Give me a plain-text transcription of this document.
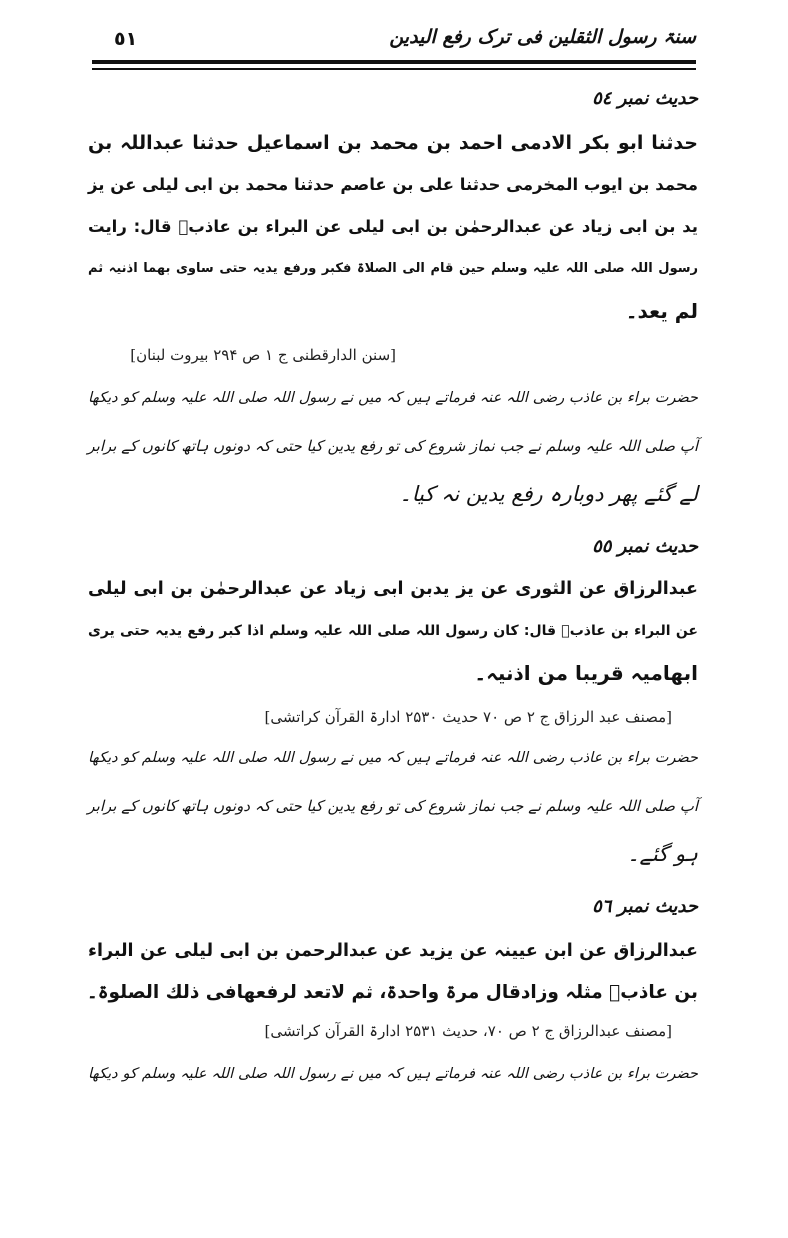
٥١	سنۃ رسول الثقلین فی ترک رفع الیدین
حدیث نمبر ٥٤
حدثنا ابو بکر الادمی احمد بن محمد بن اسماعیل حدثنا عبداللہ بن
محمد بن ایوب المخرمی حدثنا علی بن عاصم حدثنا محمد بن ابی لیلی عن یز
ید بن ابی زیاد عن عبدالرحمٰن بن ابی لیلی عن البراء بن عاذبؓ قال: رایت
رسول اللہ صلی اللہ علیہ وسلم حین قام الی الصلاۃ فکبر ورفع یدیہ حتی ساوی بهما اذنیہ ثم
لم یعد۔
[سنن الدارقطنی ج ۱ ص ۲۹۴ بیروت لبنان]
حضرت براء بن عاذب رضی اللہ عنہ فرماتے ہیں کہ میں نے رسول اللہ صلی اللہ علیہ وسلم کو دیکھا
آپ صلی اللہ علیہ وسلم نے جب نماز شروع کی تو رفع یدین کیا حتی کہ دونوں ہاتھ کانوں کے برابر
لے گئے پھر دوبارہ رفع یدین نہ کیا۔
حدیث نمبر ٥٥
عبدالرزاق عن الثوری عن یز یدبن ابی زیاد عن عبدالرحمٰن بن ابی لیلی
عن البراء بن عاذبؓ قال: کان رسول اللہ صلی اللہ علیہ وسلم اذا کبر رفع یدیہ حتی یری
ابهامیہ قریبا من اذنیہ۔
[مصنف عبد الرزاق ج ۲ ص ۷۰ حدیث ۲۵۳۰ ادارۃ القرآن کراتشی]
حضرت براء بن عاذب رضی اللہ عنہ فرماتے ہیں کہ میں نے رسول اللہ صلی اللہ علیہ وسلم کو دیکھا
آپ صلی اللہ علیہ وسلم نے جب نماز شروع کی تو رفع یدین کیا حتی کہ دونوں ہاتھ کانوں کے برابر
ہو گئے۔
حدیث نمبر ٥٦
عبدالرزاق عن ابن عیینہ عن یزید عن عبدالرحمن بن ابی لیلی عن البراء
بن عاذبؓ مثلہ وزادقال مرۃ واحدۃ، ثم لاتعد لرفعهافی ذلك الصلوۃ۔
[مصنف عبدالرزاق ج ۲ ص ۷۰، حدیث ۲۵۳۱ ادارۃ القرآن کراتشی]
حضرت براء بن عاذب رضی اللہ عنہ فرماتے ہیں کہ میں نے رسول اللہ صلی اللہ علیہ وسلم کو دیکھا
